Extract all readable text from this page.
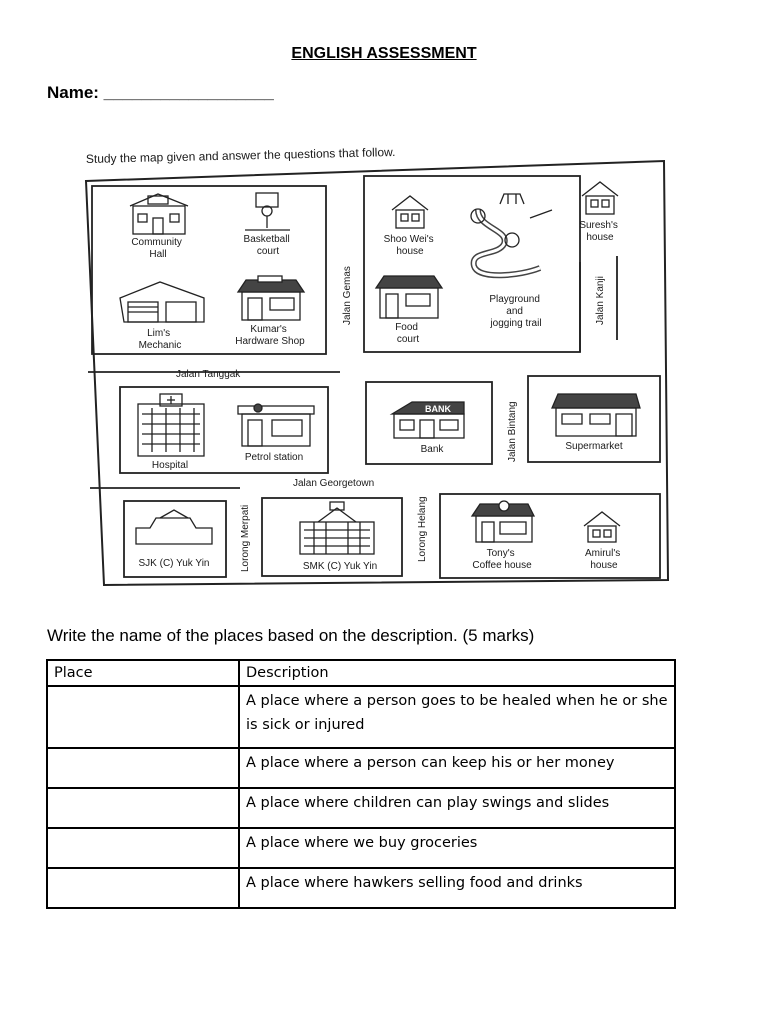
ENGLISH ASSESSMENT
Name: __________________
Study the map given and answer the questions that follow.
Jalan Tanggak
Jalan Georgetown
Jalan Gemas	Jalan Kanji
Jalan Bintang
Lorong Merpati	Lorong Helang
Community Hall
Basketball court
Lim's Mechanic
Kumar's Hardware Shop
Shoo Wei's house
Food court
Playground and jogging trail
Suresh's house
Hospital
Petrol station
BANK
Bank	Supermarket
SJK (C) Yuk Yin	SMK (C) Yuk Yin
Tony's Coffee house
Amirul's house
Write the name of the places based on the description. (5 marks)
Place	Description
	A place where a person goes to be healed when he or she is sick or injured
	A place where a person can keep his or her money
	A place where children can play swings and slides
	A place where we buy groceries
	A place where hawkers selling food and drinks
